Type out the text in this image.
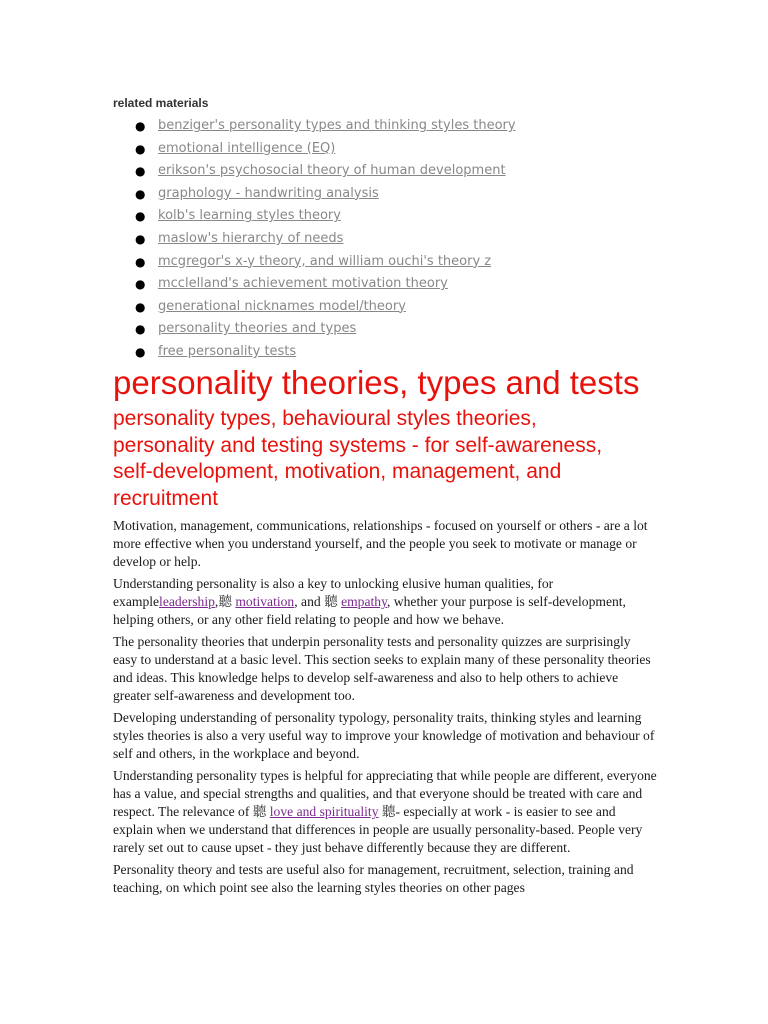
related materials
● benziger's personality types and thinking styles theory
● emotional intelligence (EQ)
● erikson's psychosocial theory of human development
● graphology - handwriting analysis
● kolb's learning styles theory
● maslow's hierarchy of needs
● mcgregor's x-y theory, and william ouchi's theory z
● mcclelland's achievement motivation theory
● generational nicknames model/theory
● personality theories and types
● free personality tests
personality theories, types and tests
personality types, behavioural styles theories, personality and testing systems - for self-awareness, self-development, motivation, management, and recruitment

Motivation, management, communications, relationships - focused on yourself or others - are a lot more effective when you understand yourself, and the people you seek to motivate or manage or develop or help.

Understanding personality is also a key to unlocking elusive human qualities, for exampleleadership,聽 motivation, and 聽 empathy, whether your purpose is self-development, helping others, or any other field relating to people and how we behave.

The personality theories that underpin personality tests and personality quizzes are surprisingly easy to understand at a basic level. This section seeks to explain many of these personality theories and ideas. This knowledge helps to develop self-awareness and also to help others to achieve greater self-awareness and development too.

Developing understanding of personality typology, personality traits, thinking styles and learning styles theories is also a very useful way to improve your knowledge of motivation and behaviour of self and others, in the workplace and beyond.

Understanding personality types is helpful for appreciating that while people are different, everyone has a value, and special strengths and qualities, and that everyone should be treated with care and respect. The relevance of 聽 love and spirituality 聽- especially at work - is easier to see and explain when we understand that differences in people are usually personality-based. People very rarely set out to cause upset - they just behave differently because they are different.

Personality theory and tests are useful also for management, recruitment, selection, training and teaching, on which point see also the learning styles theories on other pages
